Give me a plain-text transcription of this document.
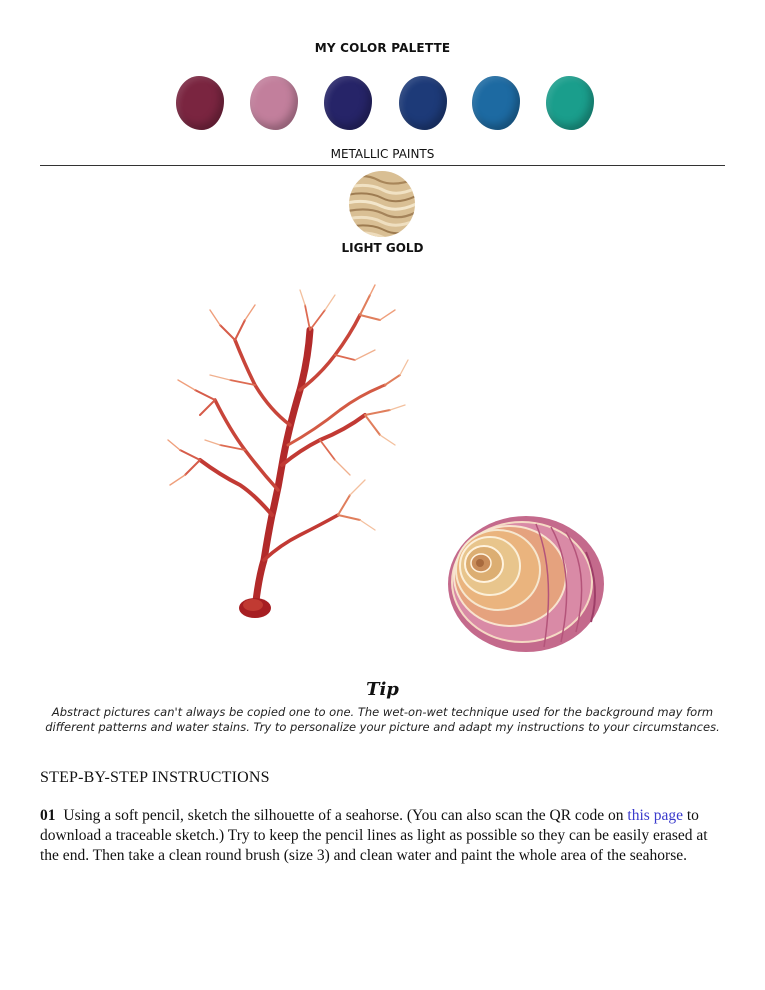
MY COLOR PALETTE
METALLIC PAINTS
LIGHT GOLD
Tip
Abstract pictures can't always be copied one to one. The wet-on-wet technique used for the background may form different patterns and water stains. Try to personalize your picture and adapt my instructions to your circumstances.
STEP-BY-STEP INSTRUCTIONS
01 Using a soft pencil, sketch the silhouette of a seahorse. (You can also scan the QR code on this page to download a traceable sketch.) Try to keep the pencil lines as light as possible so they can be easily erased at the end. Then take a clean round brush (size 3) and clean water and paint the whole area of the seahorse.
